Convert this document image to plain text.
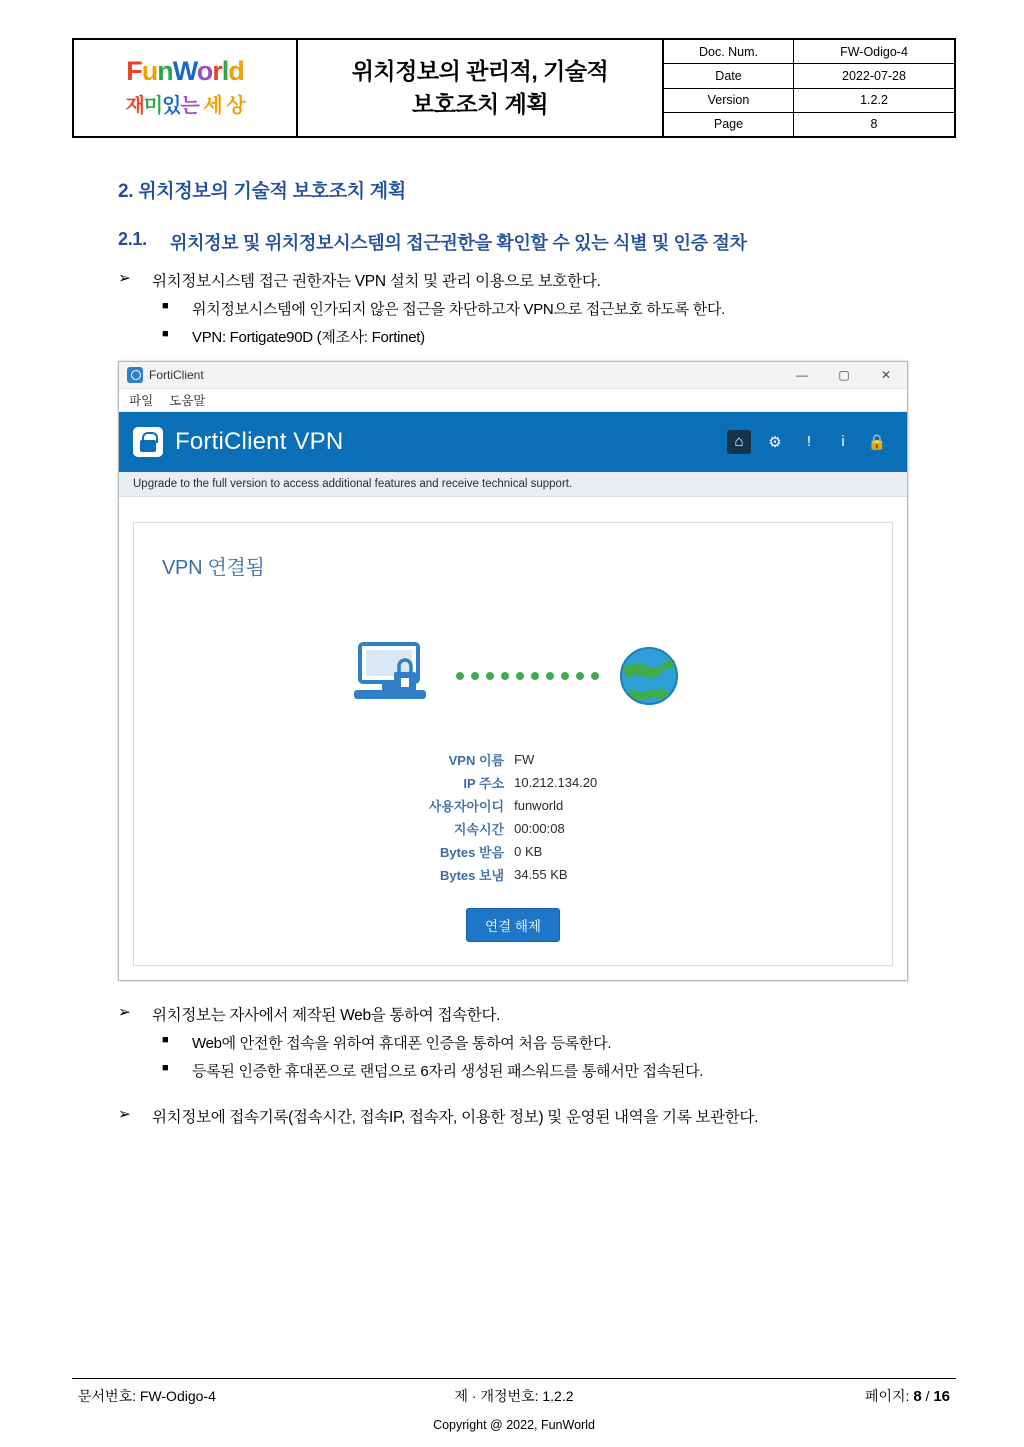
FunWorld
재미있는 세 상
위치정보의 관리적, 기술적
보호조치 계획
Doc. Num.	FW-Odigo-4
Date	2022-07-28
Version	1.2.2
Page	8
2. 위치정보의 기술적 보호조치 계획
2.1.	위치정보 및 위치정보시스템의 접근권한을 확인할 수 있는 식별 및 인증 절차
➢	위치정보시스템 접근 권한자는 VPN 설치 및 관리 이용으로 보호한다.
■	위치정보시스템에 인가되지 않은 접근을 차단하고자 VPN으로 접근보호 하도록 한다.
■	VPN: Fortigate90D (제조사: Fortinet)
FortiClient	—	▢	✕
파일 도움말
FortiClient VPN	⌂	⚙	!	i	🔒
Upgrade to the full version to access additional features and receive technical support.
VPN 연결됨
VPN 이름	FW
IP 주소	10.212.134.20
사용자아이디	funworld
지속시간	00:00:08
Bytes 받음	0 KB
Bytes 보냄	34.55 KB
연결 해제
➢	위치정보는 자사에서 제작된 Web을 통하여 접속한다.
■	Web에 안전한 접속을 위하여 휴대폰 인증을 통하여 처음 등록한다.
■	등록된 인증한 휴대폰으로 랜덤으로 6자리 생성된 패스워드를 통해서만 접속된다.
➢	위치정보에 접속기록(접속시간, 접속IP, 접속자, 이용한 정보) 및 운영된 내역을 기록 보관한다.
문서번호: FW-Odigo-4	제 · 개정번호: 1.2.2	페이지: 8 / 16
Copyright @ 2022, FunWorld
